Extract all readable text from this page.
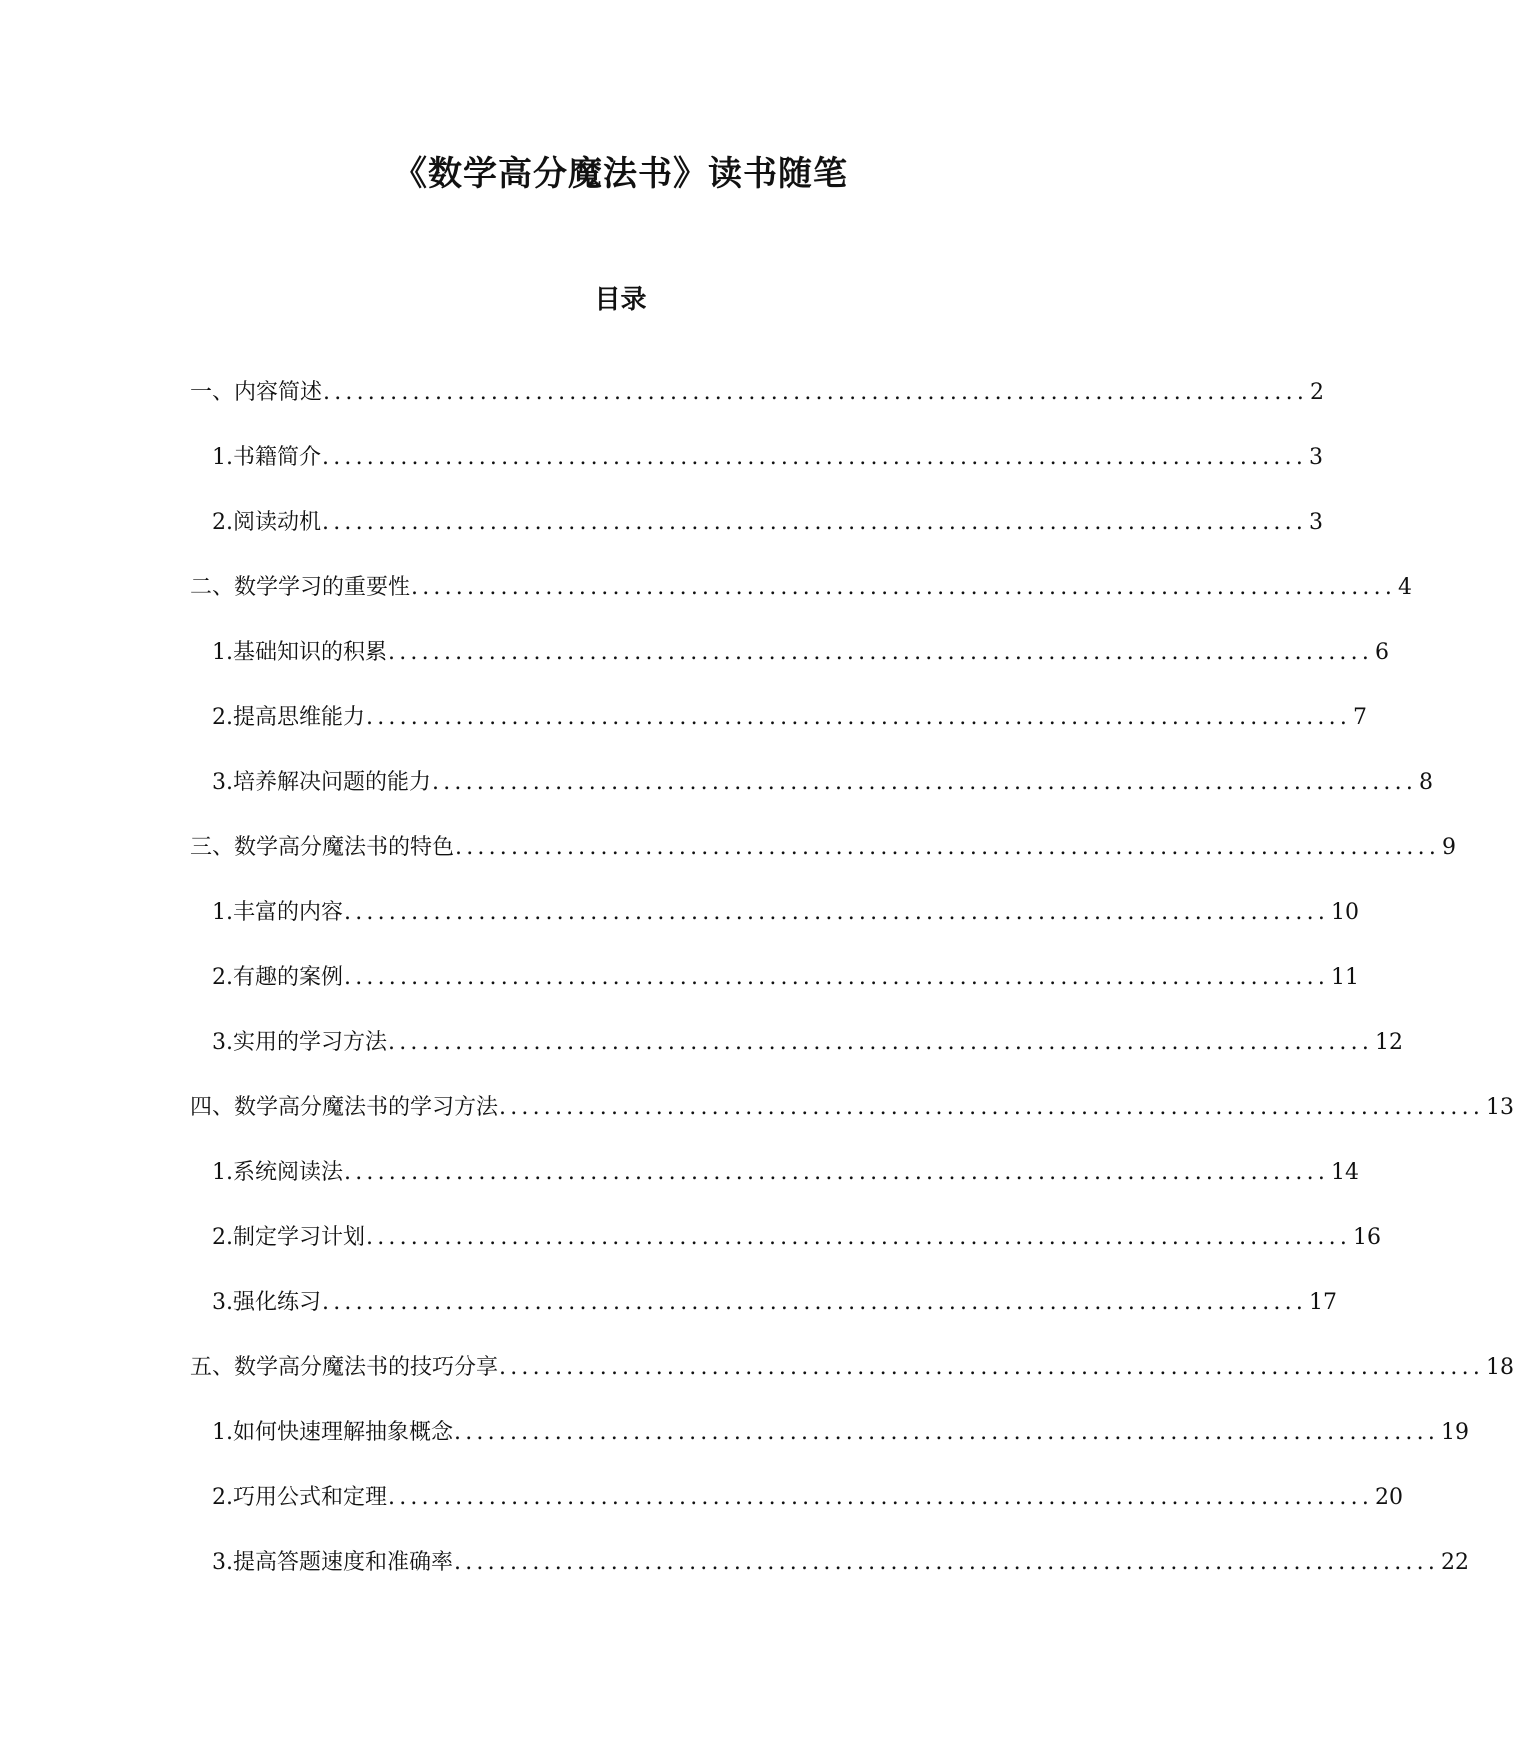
《数学高分魔法书》读书随笔
目录
一、内容简述 ........................................................................................ 2
1. 书籍简介 ........................................................................................ 3
2. 阅读动机 ........................................................................................ 3
二、数学学习的重要性 ........................................................................................ 4
1. 基础知识的积累 ........................................................................................ 6
2. 提高思维能力 ........................................................................................ 7
3. 培养解决问题的能力 ........................................................................................ 8
三、数学高分魔法书的特色 ........................................................................................ 9
1. 丰富的内容 ........................................................................................ 10
2. 有趣的案例 ........................................................................................ 11
3. 实用的学习方法 ........................................................................................ 12
四、数学高分魔法书的学习方法 ........................................................................................ 13
1. 系统阅读法 ........................................................................................ 14
2. 制定学习计划 ........................................................................................ 16
3. 强化练习 ........................................................................................ 17
五、数学高分魔法书的技巧分享 ........................................................................................ 18
1. 如何快速理解抽象概念 ........................................................................................ 19
2. 巧用公式和定理 ........................................................................................ 20
3. 提高答题速度和准确率 ........................................................................................ 22
